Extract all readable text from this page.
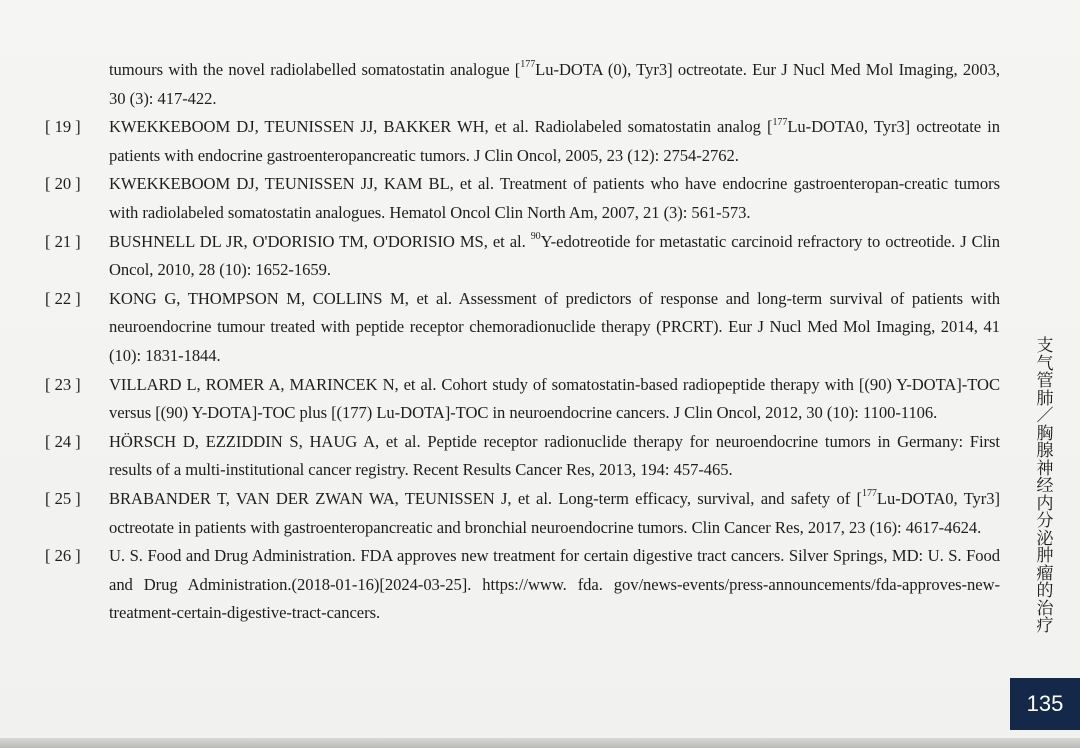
tumours with the novel radiolabelled somatostatin analogue [$^{177}$Lu-DOTA (0), Tyr3] octreotate. Eur J Nucl Med Mol Imaging, 2003, 30 (3): 417-422.
[ 19 ]	KWEKKEBOOM DJ, TEUNISSEN JJ, BAKKER WH, et al. Radiolabeled somatostatin analog [$^{177}$Lu-DOTA0, Tyr3] octreotate in patients with endocrine gastroenteropancreatic tumors. J Clin Oncol, 2005, 23 (12): 2754-2762.
[ 20 ]	KWEKKEBOOM DJ, TEUNISSEN JJ, KAM BL, et al. Treatment of patients who have endocrine gastroenteropan-creatic tumors with radiolabeled somatostatin analogues. Hematol Oncol Clin North Am, 2007, 21 (3): 561-573.
[ 21 ]	BUSHNELL DL JR, O'DORISIO TM, O'DORISIO MS, et al. $^{90}$Y-edotreotide for metastatic carcinoid refractory to octreotide. J Clin Oncol, 2010, 28 (10): 1652-1659.
[ 22 ]	KONG G, THOMPSON M, COLLINS M, et al. Assessment of predictors of response and long-term survival of patients with neuroendocrine tumour treated with peptide receptor chemoradionuclide therapy (PRCRT). Eur J Nucl Med Mol Imaging, 2014, 41 (10): 1831-1844.
[ 23 ]	VILLARD L, ROMER A, MARINCEK N, et al. Cohort study of somatostatin-based radiopeptide therapy with [(90) Y-DOTA]-TOC versus [(90) Y-DOTA]-TOC plus [(177) Lu-DOTA]-TOC in neuroendocrine cancers. J Clin Oncol, 2012, 30 (10): 1100-1106.
[ 24 ]	HÖRSCH D, EZZIDDIN S, HAUG A, et al. Peptide receptor radionuclide therapy for neuroendocrine tumors in Germany: First results of a multi-institutional cancer registry. Recent Results Cancer Res, 2013, 194: 457-465.
[ 25 ]	BRABANDER T, VAN DER ZWAN WA, TEUNISSEN J, et al. Long-term efficacy, survival, and safety of [$^{177}$Lu-DOTA0, Tyr3] octreotate in patients with gastroenteropancreatic and bronchial neuroendocrine tumors. Clin Cancer Res, 2017, 23 (16): 4617-4624.
[ 26 ]	U. S. Food and Drug Administration. FDA approves new treatment for certain digestive tract cancers. Silver Springs, MD: U. S. Food and Drug Administration.(2018-01-16)[2024-03-25]. https://www. fda. gov/news-events/press-announcements/fda-approves-new-treatment-certain-digestive-tract-cancers.
支
气
管
肺
／
胸
腺
神
经
内
分
泌
肿
瘤
的
治
疗
135
